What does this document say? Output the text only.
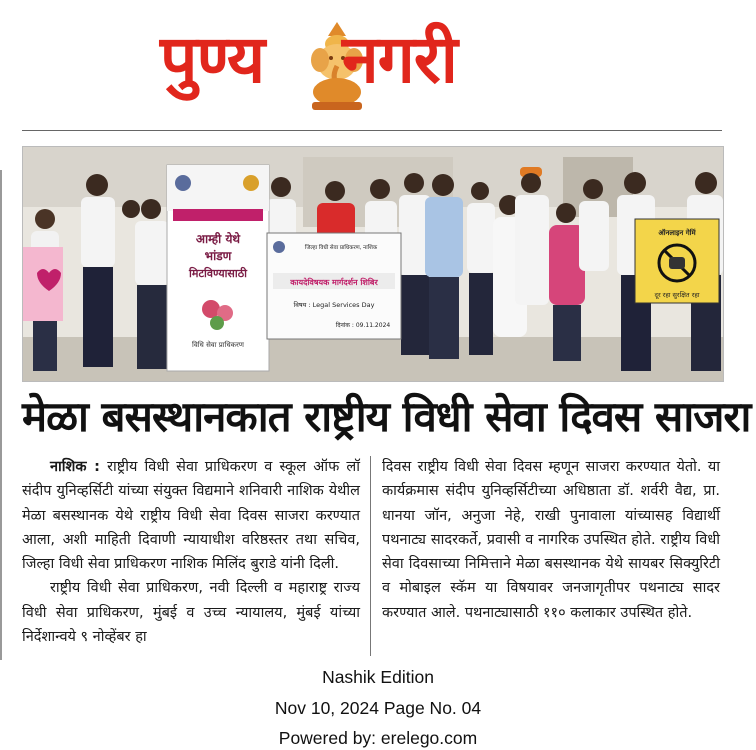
पुण्य नगरी
आम्ही येथे
भांडण
मिटविण्यासाठी
विधि सेवा प्राधिकरण
जिल्हा विधी सेवा प्राधिकरण, नाशिक
कायदेविषयक मार्गदर्शन शिबिर
विषय : Legal Services Day
दिनांक : 09.11.2024
ऑनलाइन गेमिं
दूर रहा सुरक्षित रहा
मेळा बसस्थानकात राष्ट्रीय विधी सेवा दिवस साजरा

नाशिक : राष्ट्रीय विधी सेवा प्राधिकरण व स्कूल ऑफ लॉ संदीप युनिव्हर्सिटी यांच्या संयुक्त विद्यमाने शनिवारी नाशिक येथील मेळा बसस्थानक येथे राष्ट्रीय विधी सेवा दिवस साजरा करण्यात आला, अशी माहिती दिवाणी न्यायाधीश वरिष्ठस्तर तथा सचिव, जिल्हा विधी सेवा प्राधिकरण नाशिक मिलिंद बुराडे यांनी दिली.

राष्ट्रीय विधी सेवा प्राधिकरण, नवी दिल्ली व महाराष्ट्र राज्य विधी सेवा प्राधिकरण, मुंबई व उच्च न्यायालय, मुंबई यांच्या निर्देशान्वये ९ नोव्हेंबर हा

दिवस राष्ट्रीय विधी सेवा दिवस म्हणून साजरा करण्यात येतो. या कार्यक्रमास संदीप युनिव्हर्सिटीच्या अधिष्ठाता डॉ. शर्वरी वैद्य, प्रा. धानया जॉन, अनुजा नेहे, राखी पुनावाला यांच्यासह विद्यार्थी पथनाट्य सादरकर्ते, प्रवासी व नागरिक उपस्थित होते. राष्ट्रीय विधी सेवा दिवसाच्या निमित्ताने मेळा बसस्थानक येथे सायबर सिक्युरिटी व मोबाइल स्कॅम या विषयावर जनजागृतीपर पथनाट्य सादर करण्यात आले. पथनाट्यासाठी ११० कलाकार उपस्थित होते.

Nashik Edition
Nov 10, 2024 Page No. 04
Powered by: erelego.com
